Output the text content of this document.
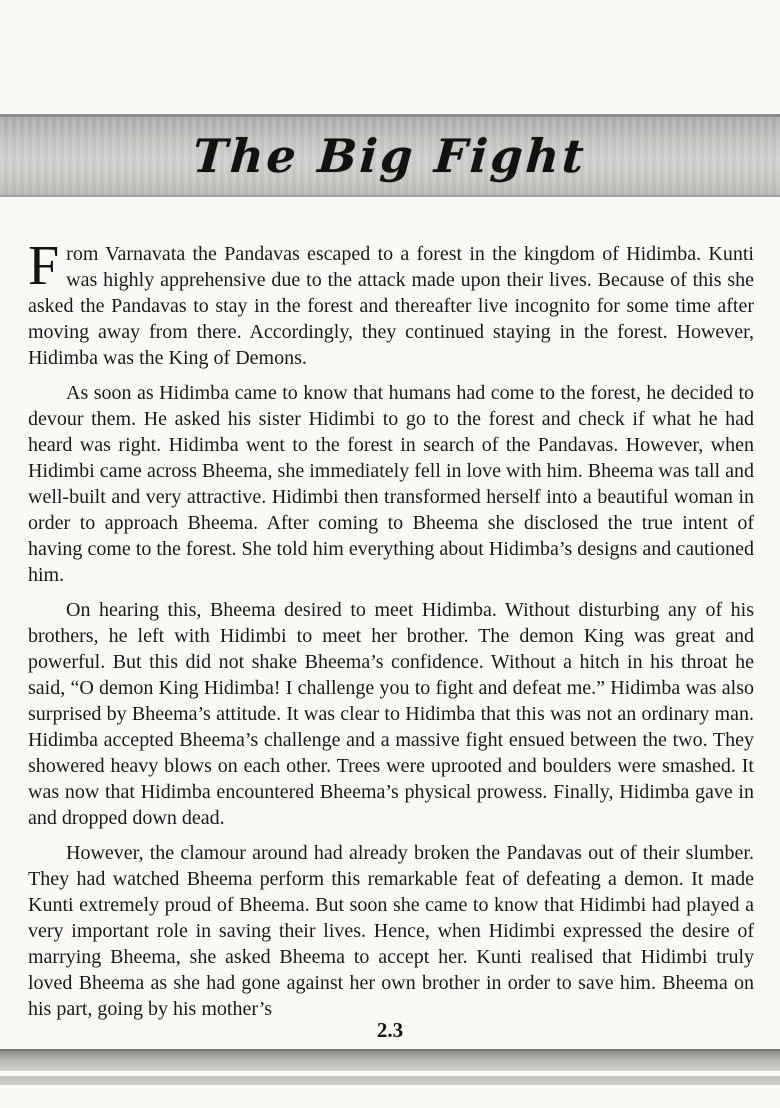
The Big Fight

From Varnavata the Pandavas escaped to a forest in the kingdom of Hidimba. Kunti was highly apprehensive due to the attack made upon their lives. Because of this she asked the Pandavas to stay in the forest and thereafter live incognito for some time after moving away from there. Accordingly, they continued staying in the forest. However, Hidimba was the King of Demons.

As soon as Hidimba came to know that humans had come to the forest, he decided to devour them. He asked his sister Hidimbi to go to the forest and check if what he had heard was right. Hidimba went to the forest in search of the Pandavas. However, when Hidimbi came across Bheema, she immediately fell in love with him. Bheema was tall and well-built and very attractive. Hidimbi then transformed herself into a beautiful woman in order to approach Bheema. After coming to Bheema she disclosed the true intent of having come to the forest. She told him everything about Hidimba’s designs and cautioned him.

On hearing this, Bheema desired to meet Hidimba. Without disturbing any of his brothers, he left with Hidimbi to meet her brother. The demon King was great and powerful. But this did not shake Bheema’s confidence. Without a hitch in his throat he said, “O demon King Hidimba! I challenge you to fight and defeat me.” Hidimba was also surprised by Bheema’s attitude. It was clear to Hidimba that this was not an ordinary man. Hidimba accepted Bheema’s challenge and a massive fight ensued between the two. They showered heavy blows on each other. Trees were uprooted and boulders were smashed. It was now that Hidimba encountered Bheema’s physical prowess. Finally, Hidimba gave in and dropped down dead.

However, the clamour around had already broken the Pandavas out of their slumber. They had watched Bheema perform this remarkable feat of defeating a demon. It made Kunti extremely proud of Bheema. But soon she came to know that Hidimbi had played a very important role in saving their lives. Hence, when Hidimbi expressed the desire of marrying Bheema, she asked Bheema to accept her. Kunti realised that Hidimbi truly loved Bheema as she had gone against her own brother in order to save him. Bheema on his part, going by his mother’s

2.3
